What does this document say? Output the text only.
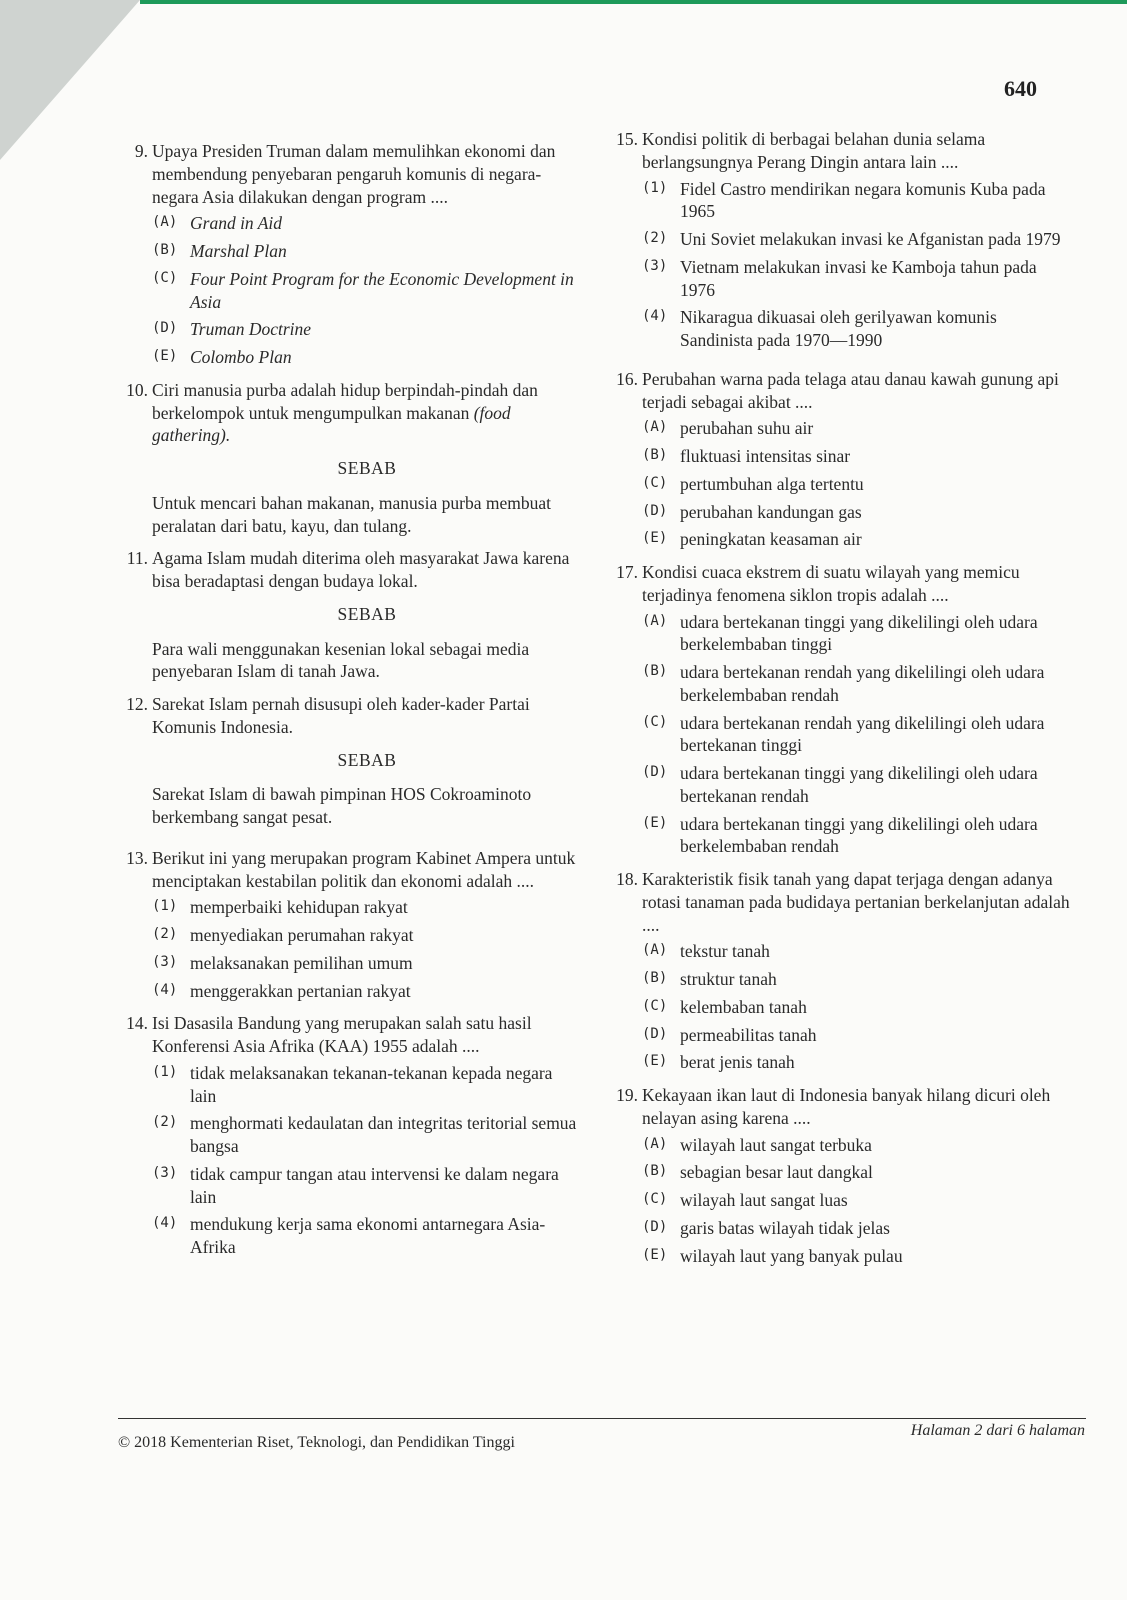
640
9 . Upaya Presiden Truman dalam memulihkan ekonomi dan membendung penyebaran pengaruh komunis di negara-negara Asia dilakukan dengan program ....
(A) Grand in Aid
(B) Marshal Plan
(C) Four Point Program for the Economic Development in Asia
(D) Truman Doctrine
(E) Colombo Plan
10 . Ciri manusia purba adalah hidup berpindah-pindah dan berkelompok untuk mengumpulkan makanan (food gathering).
SEBAB
Untuk mencari bahan makanan, manusia purba membuat peralatan dari batu, kayu, dan tulang.
11 . Agama Islam mudah diterima oleh masyarakat Jawa karena bisa beradaptasi dengan budaya lokal.
SEBAB
Para wali menggunakan kesenian lokal sebagai media penyebaran Islam di tanah Jawa.
12 . Sarekat Islam pernah disusupi oleh kader-kader Partai Komunis Indonesia.
SEBAB
Sarekat Islam di bawah pimpinan HOS Cokroaminoto berkembang sangat pesat.
13 . Berikut ini yang merupakan program Kabinet Ampera untuk menciptakan kestabilan politik dan ekonomi adalah ....
(1) memperbaiki kehidupan rakyat
(2) menyediakan perumahan rakyat
(3) melaksanakan pemilihan umum
(4) menggerakkan pertanian rakyat
14 . Isi Dasasila Bandung yang merupakan salah satu hasil Konferensi Asia Afrika (KAA) 1955 adalah ....
(1) tidak melaksanakan tekanan-tekanan kepada negara lain
(2) menghormati kedaulatan dan integritas teritorial semua bangsa
(3) tidak campur tangan atau intervensi ke dalam negara lain
(4) mendukung kerja sama ekonomi antarnegara Asia-Afrika
15 . Kondisi politik di berbagai belahan dunia selama berlangsungnya Perang Dingin antara lain ....
(1) Fidel Castro mendirikan negara komunis Kuba pada 1965
(2) Uni Soviet melakukan invasi ke Afganistan pada 1979
(3) Vietnam melakukan invasi ke Kamboja tahun pada 1976
(4) Nikaragua dikuasai oleh gerilyawan komunis Sandinista pada 1970—1990
16 . Perubahan warna pada telaga atau danau kawah gunung api terjadi sebagai akibat ....
(A) perubahan suhu air
(B) fluktuasi intensitas sinar
(C) pertumbuhan alga tertentu
(D) perubahan kandungan gas
(E) peningkatan keasaman air
17 . Kondisi cuaca ekstrem di suatu wilayah yang memicu terjadinya fenomena siklon tropis adalah ....
(A) udara bertekanan tinggi yang dikelilingi oleh udara berkelembaban tinggi
(B) udara bertekanan rendah yang dikelilingi oleh udara berkelembaban rendah
(C) udara bertekanan rendah yang dikelilingi oleh udara bertekanan tinggi
(D) udara bertekanan tinggi yang dikelilingi oleh udara bertekanan rendah
(E) udara bertekanan tinggi yang dikelilingi oleh udara berkelembaban rendah
18 . Karakteristik fisik tanah yang dapat terjaga dengan adanya rotasi tanaman pada budidaya pertanian berkelanjutan adalah ....
(A) tekstur tanah
(B) struktur tanah
(C) kelembaban tanah
(D) permeabilitas tanah
(E) berat jenis tanah
19 . Kekayaan ikan laut di Indonesia banyak hilang dicuri oleh nelayan asing karena ....
(A) wilayah laut sangat terbuka
(B) sebagian besar laut dangkal
(C) wilayah laut sangat luas
(D) garis batas wilayah tidak jelas
(E) wilayah laut yang banyak pulau
© 2018 Kementerian Riset, Teknologi, dan Pendidikan Tinggi
Halaman 2 dari 6 halaman
